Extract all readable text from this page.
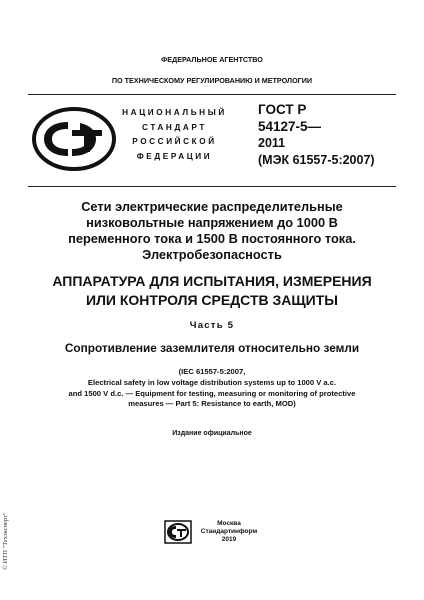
ФЕДЕРАЛЬНОЕ АГЕНТСТВО
ПО ТЕХНИЧЕСКОМУ РЕГУЛИРОВАНИЮ И МЕТРОЛОГИИ
НАЦИОНАЛЬНЫЙ
СТАНДАРТ
РОССИЙСКОЙ
ФЕДЕРАЦИИ
ГОСТ Р
54127-5—
2011
(МЭК 61557-5:2007)
Сети электрические распределительные
низковольтные напряжением до 1000 В
переменного тока и 1500 В постоянного тока.
Электробезопасность
АППАРАТУРА ДЛЯ ИСПЫТАНИЯ, ИЗМЕРЕНИЯ
ИЛИ КОНТРОЛЯ СРЕДСТВ ЗАЩИТЫ
Часть 5
Сопротивление заземлителя относительно земли
(IEC 61557-5:2007,
Electrical safety in low voltage distribution systems up to 1000 V a.c.
and 1500 V d.c. — Equipment for testing, measuring or monitoring of protective
measures — Part 5: Resistance to earth, MOD)
Издание официальное
Москва
Стандартинформ
2019
© ИТП "Техэксперт"
